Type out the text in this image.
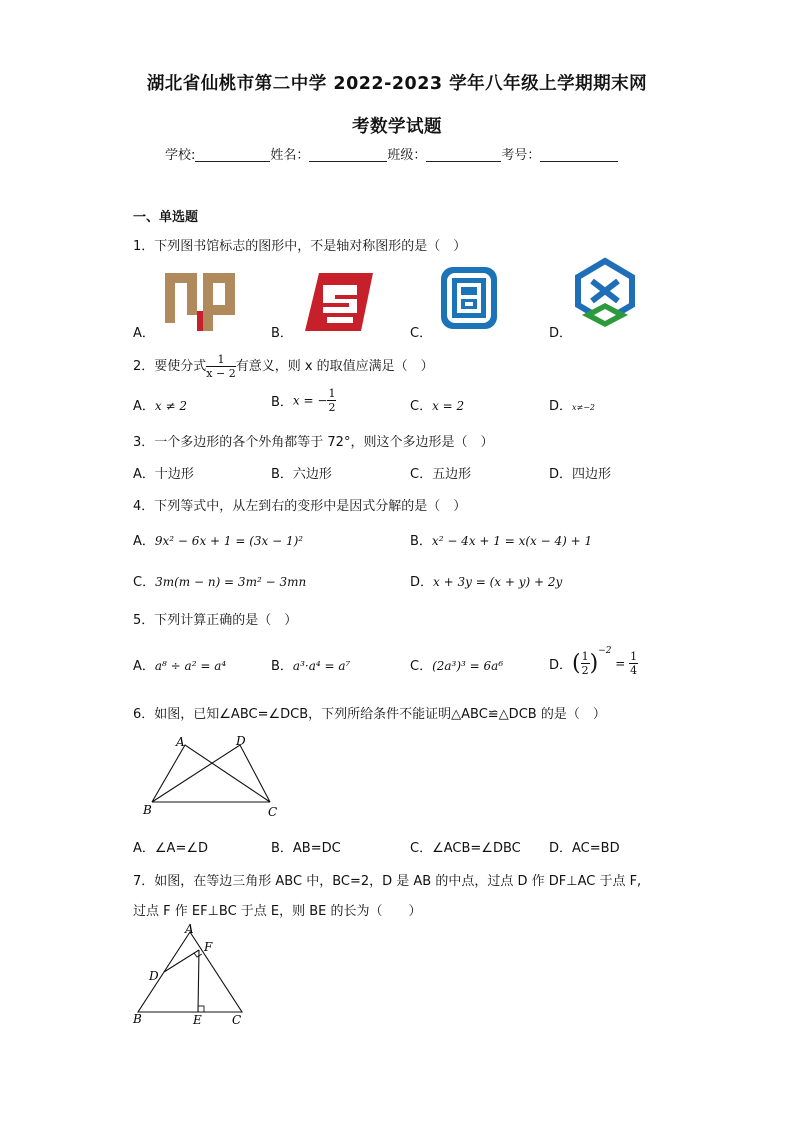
湖北省仙桃市第二中学 2022-2023 学年八年级上学期期末网
考数学试题
学校:	姓名：	班级：	考号：
一、单选题
1．下列图书馆标志的图形中，不是轴对称图形的是（　）
A．	B．	C．	D．
2．要使分式 $\frac{1}{x - 2}$ 有意义，则 x 的取值应满足（　）
A．x ≠ 2	B．x = − $\frac{1}{2}$	C．x = 2	D．x≠−2
3．一个多边形的各个外角都等于 72°，则这个多边形是（　）
A．十边形	B．六边形	C．五边形	D．四边形
4．下列等式中，从左到右的变形中是因式分解的是（　）
A．9x² − 6x + 1 = (3x − 1)²	B．x² − 4x + 1 = x(x − 4) + 1
C．3m(m − n) = 3m² − 3mn	D．x + 3y = (x + y) + 2y
5．下列计算正确的是（　）
A．a⁸ ÷ a² = a⁴	B．a³·a⁴ = a⁷	C．(2a³)³ = 6a⁶	D．( $\frac{1}{2} )^{-2} = \frac{1}{4}$
6．如图，已知∠ABC=∠DCB，下列所给条件不能证明△ABC≌△DCB 的是（　）
A	D
B	C
A．∠A=∠D	B．AB=DC	C．∠ACB=∠DBC D．AC=BD
7．如图，在等边三角形 ABC 中，BC=2，D 是 AB 的中点，过点 D 作 DF⊥AC 于点 F,
过点 F 作 EF⊥BC 于点 E，则 BE 的长为（　　）
A
F
D
B	E	C
